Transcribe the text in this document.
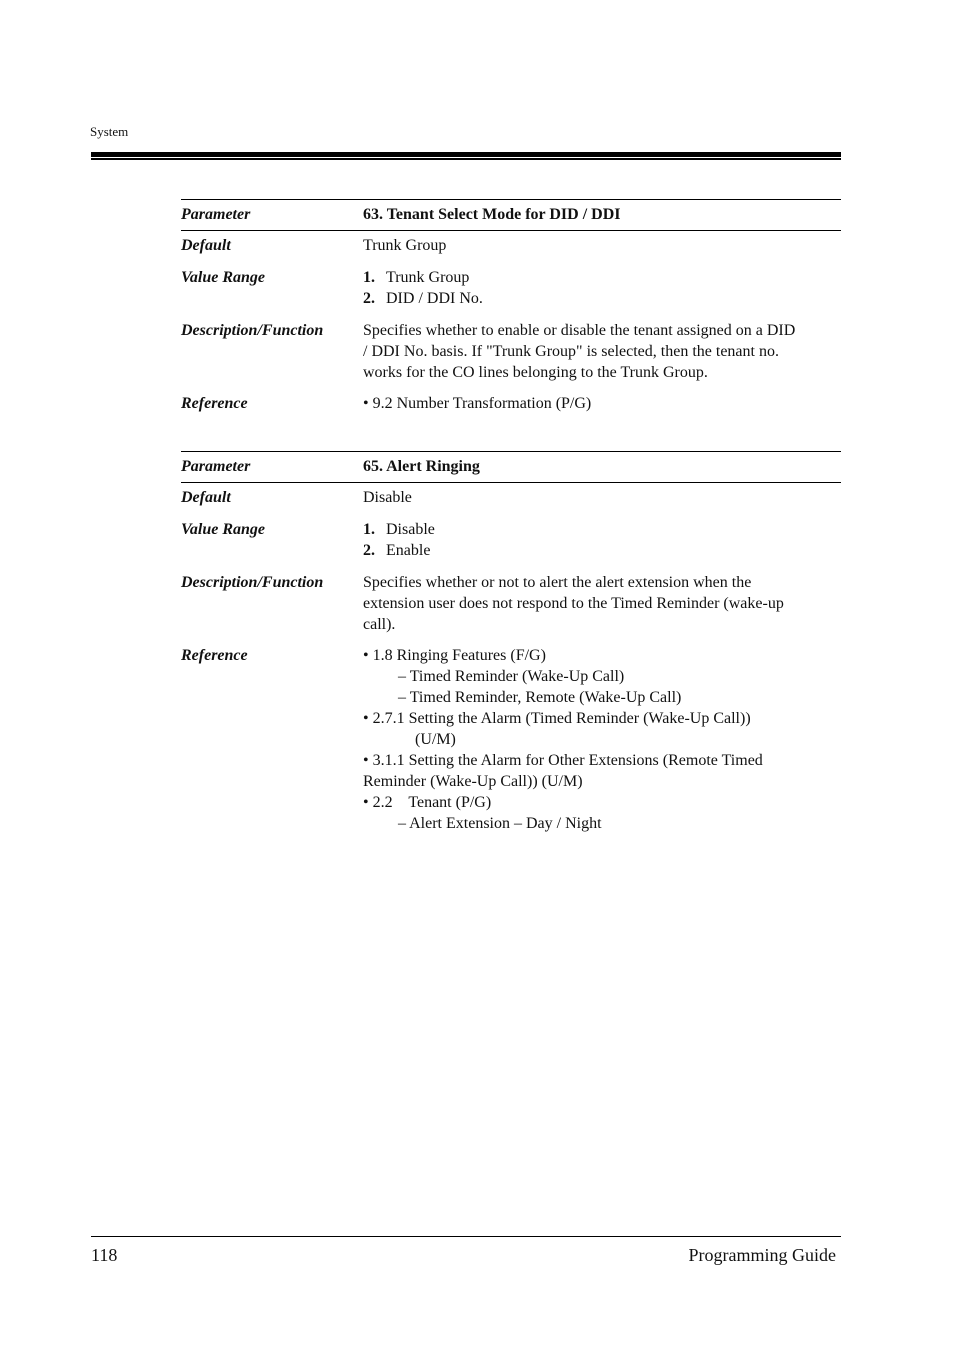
System
Parameter	63. Tenant Select Mode for DID / DDI
Default	Trunk Group
Value Range	1. Trunk Group
2. DID / DDI No.
Description/Function	Specifies whether to enable or disable the tenant assigned on a DID
/ DDI No. basis. If "Trunk Group" is selected, then the tenant no.
works for the CO lines belonging to the Trunk Group.
Reference	• 9.2 Number Transformation (P/G)
Parameter	65. Alert Ringing
Default	Disable
Value Range	1. Disable
2. Enable
Description/Function	Specifies whether or not to alert the alert extension when the
extension user does not respond to the Timed Reminder (wake-up
call).
Reference	• 1.8 Ringing Features (F/G)
– Timed Reminder (Wake-Up Call)
– Timed Reminder, Remote (Wake-Up Call)
• 2.7.1 Setting the Alarm (Timed Reminder (Wake-Up Call))
(U/M)
• 3.1.1 Setting the Alarm for Other Extensions (Remote Timed
Reminder (Wake-Up Call)) (U/M)
• 2.2    Tenant (P/G)
– Alert Extension – Day / Night
118	Programming Guide
